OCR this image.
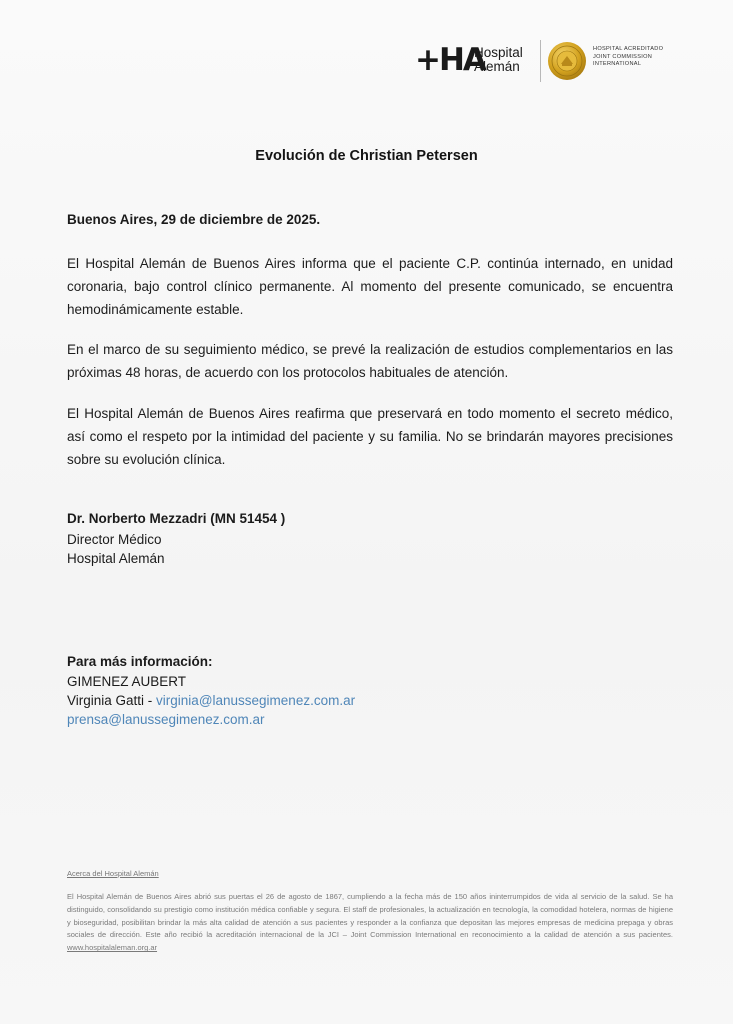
+HA
Hospital
Alemán
HOSPITAL ACREDITADO
JOINT COMMISSION
INTERNATIONAL
Evolución de Christian Petersen
Buenos Aires, 29 de diciembre de 2025.
El Hospital Alemán de Buenos Aires informa que el paciente C.P. continúa internado, en unidad coronaria, bajo control clínico permanente. Al momento del presente comunicado, se encuentra hemodinámicamente estable.
En el marco de su seguimiento médico, se prevé la realización de estudios complementarios en las próximas 48 horas, de acuerdo con los protocolos habituales de atención.
El Hospital Alemán de Buenos Aires reafirma que preservará en todo momento el secreto médico, así como el respeto por la intimidad del paciente y su familia. No se brindarán mayores precisiones sobre su evolución clínica.
Dr. Norberto Mezzadri (MN 51454 )
Director Médico
Hospital Alemán
Para más información:
GIMENEZ AUBERT
Virginia Gatti - virginia@lanussegimenez.com.ar
prensa@lanussegimenez.com.ar
Acerca del Hospital Alemán
El Hospital Alemán de Buenos Aires abrió sus puertas el 26 de agosto de 1867, cumpliendo a la fecha más de 150 años ininterrumpidos de vida al servicio de la salud. Se ha distinguido, consolidando su prestigio como institución médica confiable y segura. El staff de profesionales, la actualización en tecnología, la comodidad hotelera, normas de higiene y bioseguridad, posibilitan brindar la más alta calidad de atención a sus pacientes y responder a la confianza que depositan las mejores empresas de medicina prepaga y obras sociales de dirección. Este año recibió la acreditación internacional de la JCI – Joint Commission International en reconocimiento a la calidad de atención a sus pacientes. www.hospitalaleman.org.ar
